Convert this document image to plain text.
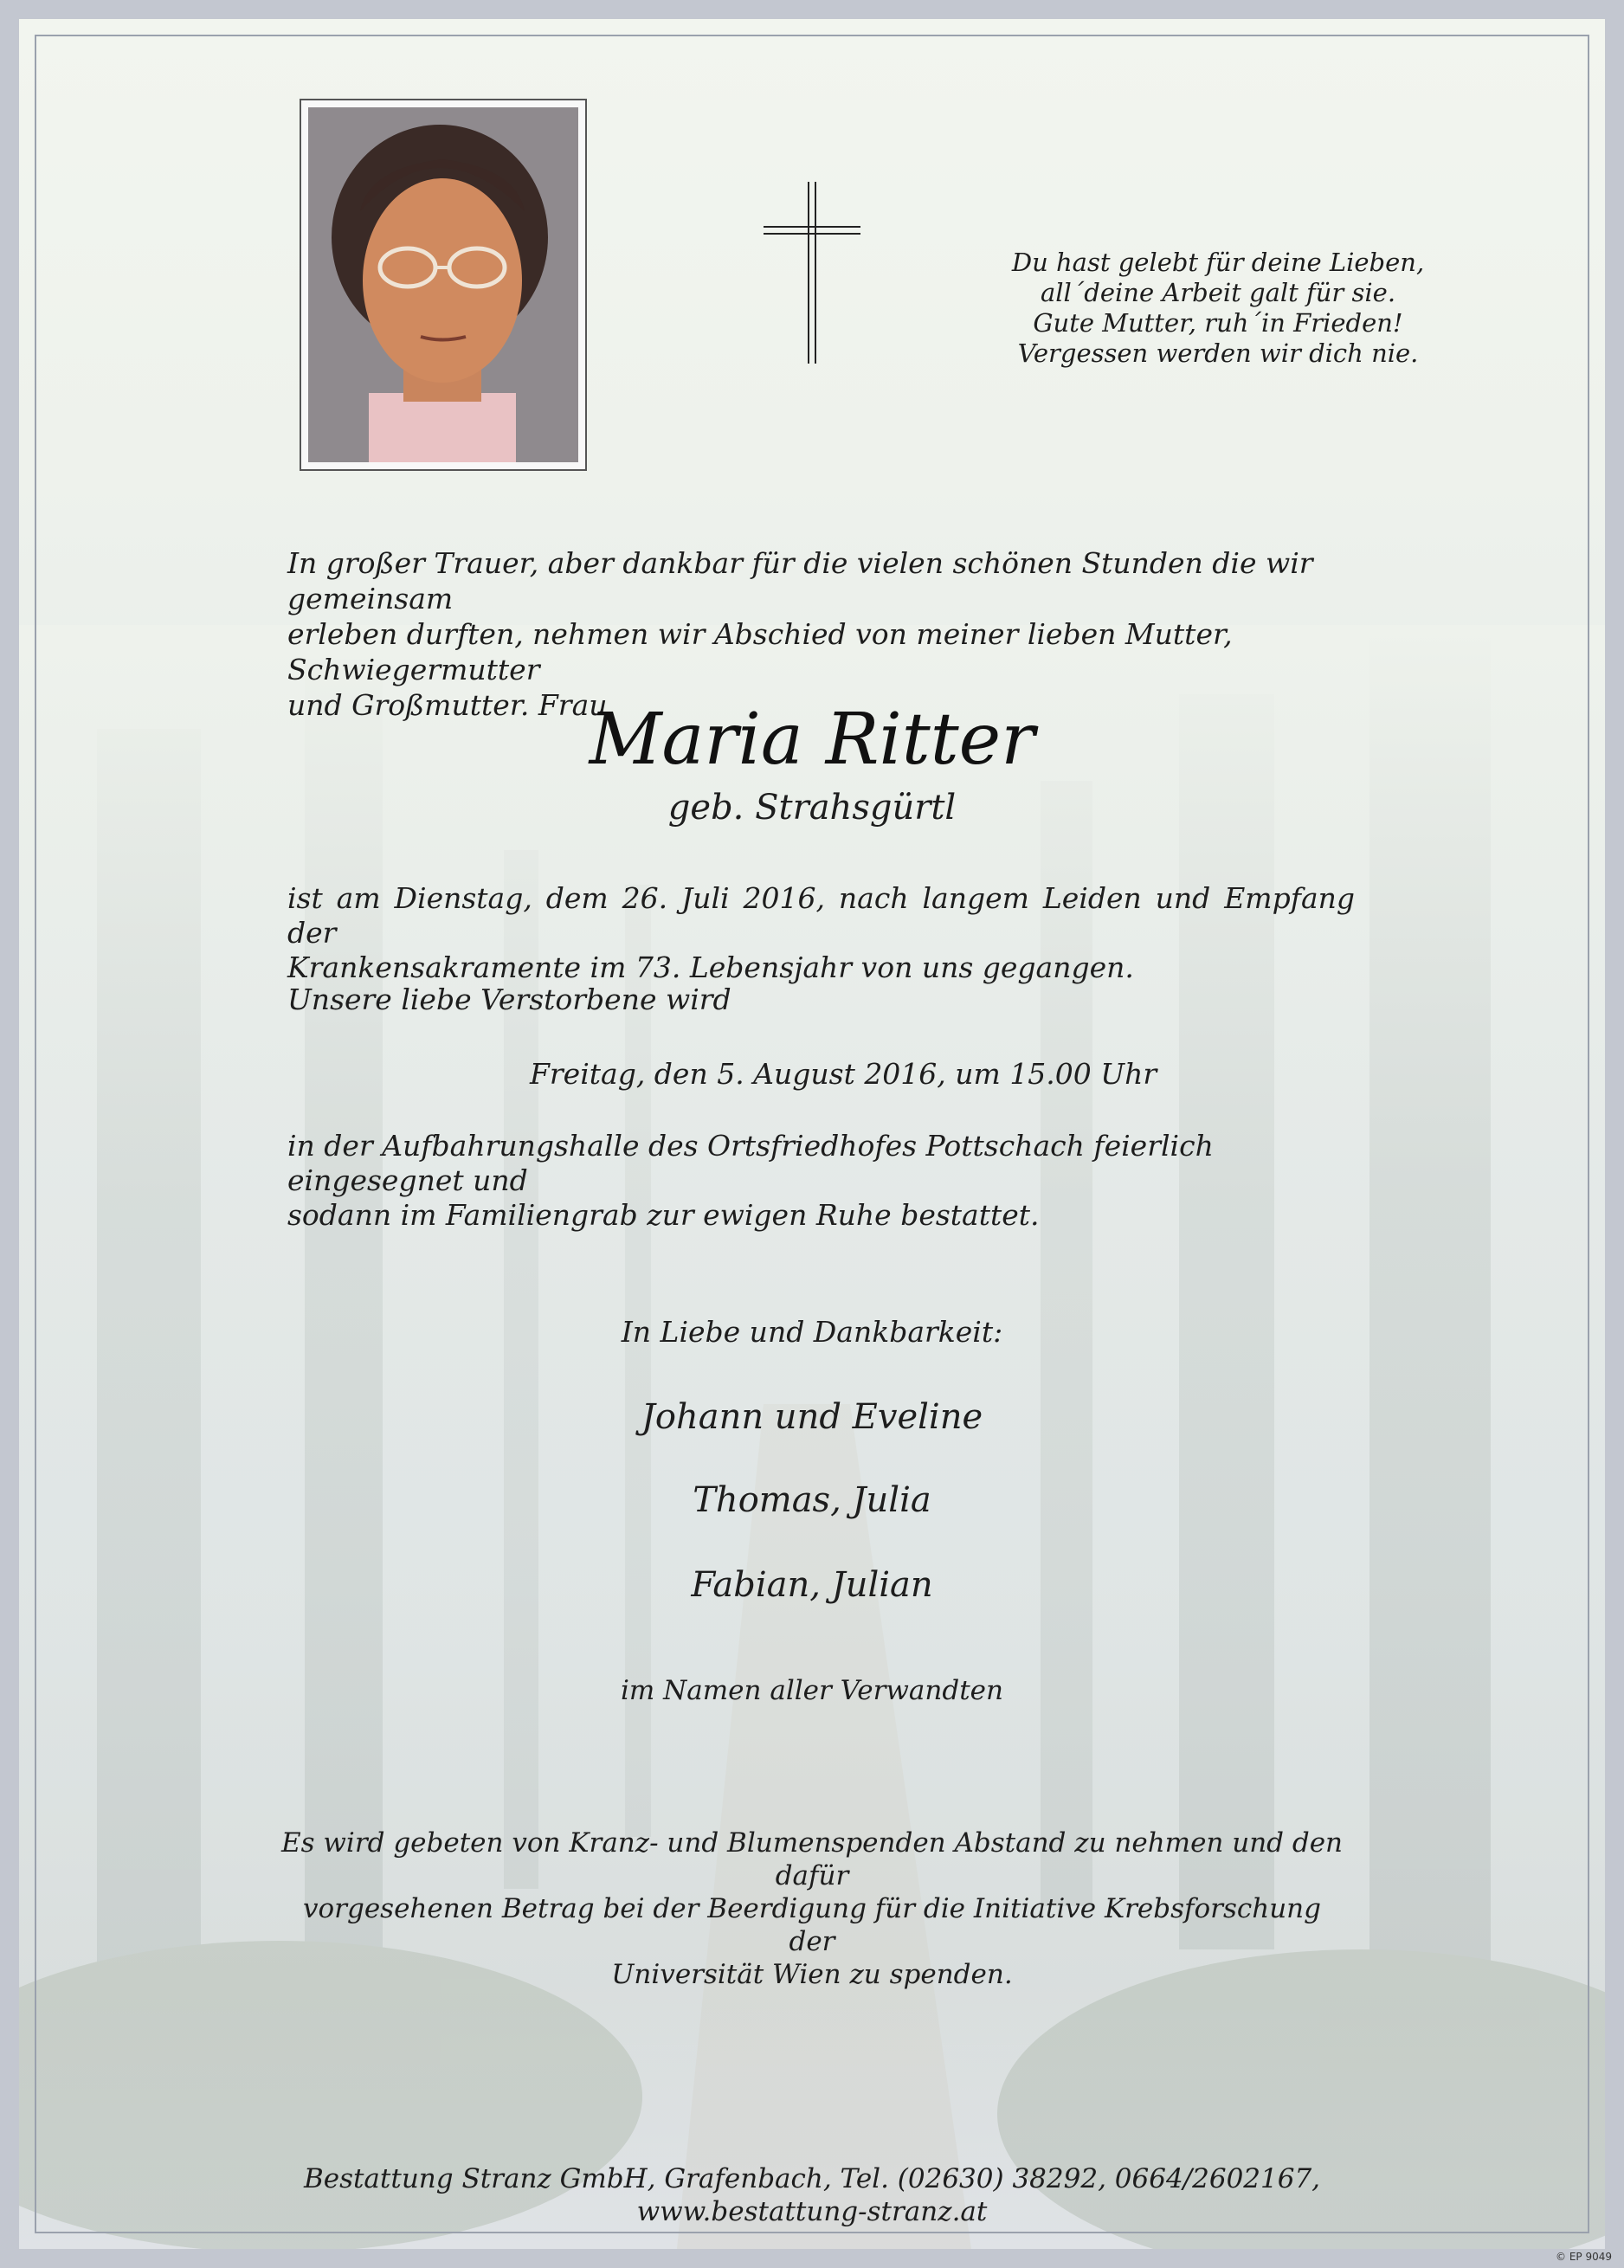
Du hast gelebt für deine Lieben,
all´deine Arbeit galt für sie.
Gute Mutter, ruh´in Frieden!
Vergessen werden wir dich nie.
In großer Trauer, aber dankbar für die vielen schönen Stunden die wir gemeinsam
erleben durften, nehmen wir Abschied von meiner lieben Mutter, Schwiegermutter
und Großmutter. Frau
Maria Ritter
geb. Strahsgürtl
ist am Dienstag, dem 26. Juli 2016, nach langem Leiden und Empfang der
Krankensakramente im 73. Lebensjahr von uns gegangen.
Unsere liebe Verstorbene wird
Freitag, den 5. August 2016, um 15.00 Uhr
in der Aufbahrungshalle des Ortsfriedhofes Pottschach feierlich eingesegnet und
sodann im Familiengrab zur ewigen Ruhe bestattet.
In Liebe und Dankbarkeit:
Johann und Eveline
Thomas, Julia
Fabian, Julian
im Namen aller Verwandten
Es wird gebeten von Kranz- und Blumenspenden Abstand zu nehmen und den dafür
vorgesehenen Betrag bei der Beerdigung für die Initiative Krebsforschung der
Universität Wien zu spenden.
Bestattung Stranz GmbH, Grafenbach, Tel. (02630) 38292, 0664/2602167,
www.bestattung-stranz.at
© EP 9049
